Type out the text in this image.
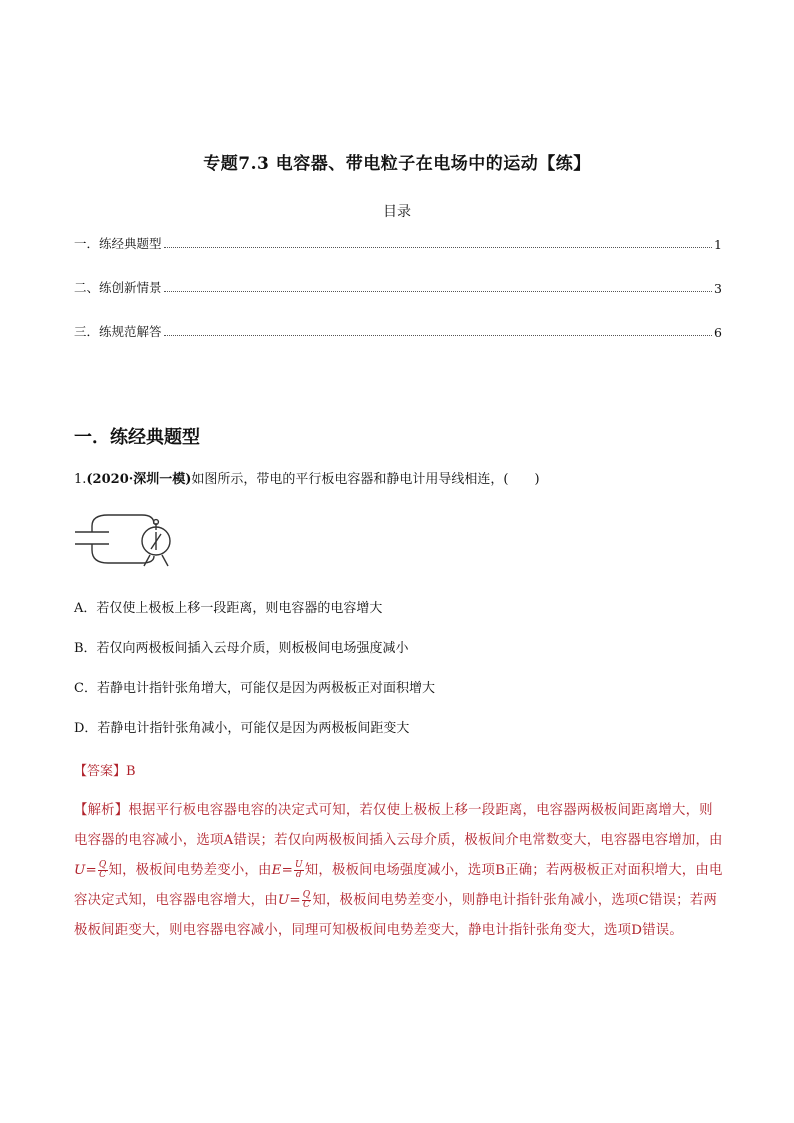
专题7.3 电容器、带电粒子在电场中的运动【练】
目录
一．练经典题型	1
二、练创新情景	3
三．练规范解答	6
一．练经典题型
1.(2020·深圳一模)如图所示，带电的平行板电容器和静电计用导线相连，(　　)
A．若仅使上极板上移一段距离，则电容器的电容增大
B．若仅向两极板间插入云母介质，则板极间电场强度减小
C．若静电计指针张角增大，可能仅是因为两极板正对面积增大
D．若静电计指针张角减小，可能仅是因为两极板间距变大
【答案】B
【解析】根据平行板电容器电容的决定式可知，若仅使上极板上移一段距离，电容器两极板间距离增大，则电容器的电容减小，选项A错误；若仅向两极板间插入云母介质，极板间介电常数变大，电容器电容增加，由$U= \frac{Q}{C}$ 知，极板间电势差变小，由$E= \frac{U}{d}$ 知，极板间电场强度减小，选项B正确；若两极板正对面积增大，由电容决定式知，电容器电容增大，由$U= \frac{Q}{C}$ 知，极板间电势差变小，则静电计指针张角减小，选项C错误；若两极板间距变大，则电容器电容减小，同理可知极板间电势差变大，静电计指针张角变大，选项D错误。
